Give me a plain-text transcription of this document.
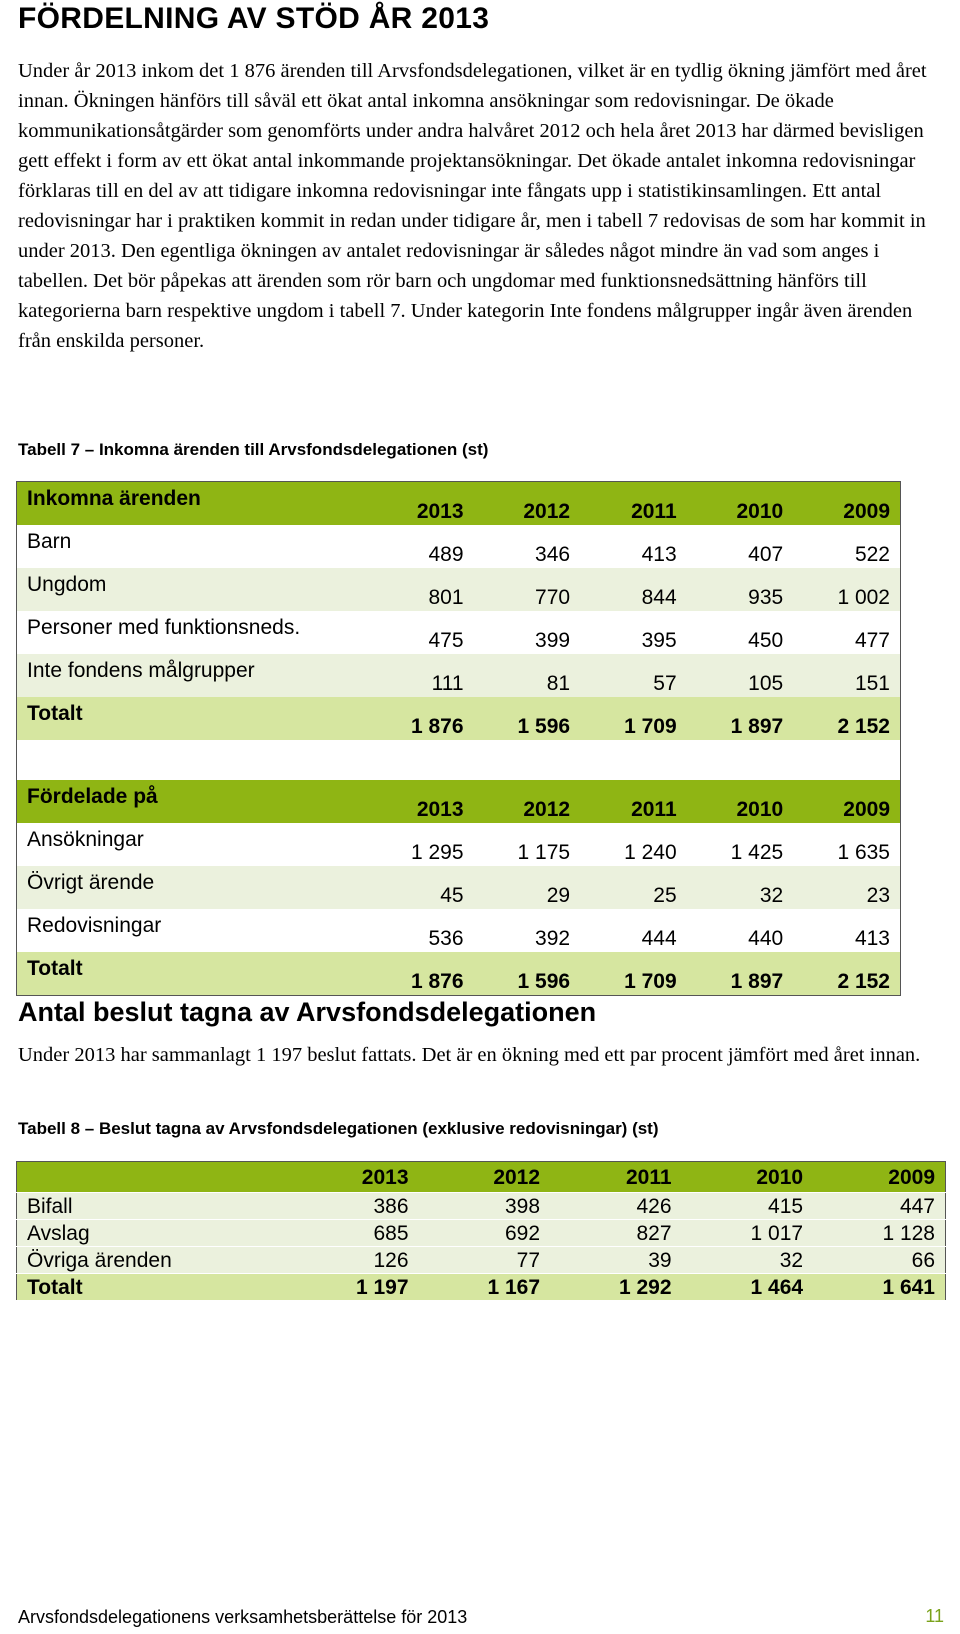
FÖRDELNING AV STÖD ÅR 2013

Under år 2013 inkom det 1 876 ärenden till Arvsfondsdelegationen, vilket är en tydlig ökning jämfört med året innan. Ökningen hänförs till såväl ett ökat antal inkomna ansökningar som redovisningar. De ökade kommunikationsåtgärder som genomförts under andra halvåret 2012 och hela året 2013 har därmed bevisligen gett effekt i form av ett ökat antal inkommande projektansökningar. Det ökade antalet inkomna redovisningar förklaras till en del av att tidigare inkomna redovisningar inte fångats upp i statistikinsamlingen. Ett antal redovisningar har i praktiken kommit in redan under tidigare år, men i tabell 7 redovisas de som har kommit in under 2013. Den egentliga ökningen av antalet redovisningar är således något mindre än vad som anges i tabellen. Det bör påpekas att ärenden som rör barn och ungdomar med funktionsnedsättning hänförs till kategorierna barn respektive ungdom i tabell 7. Under kategorin Inte fondens målgrupper ingår även ärenden från enskilda personer.

Tabell 7 – Inkomna ärenden till Arvsfondsdelegationen (st)

Inkomna ärenden	2013	2012	2011	2010	2009
Barn	489	346	413	407	522
Ungdom	801	770	844	935	1 002
Personer med funktionsneds.	475	399	395	450	477
Inte fondens målgrupper	111	81	57	105	151
Totalt	1 876	1 596	1 709	1 897	2 152

Fördelade på	2013	2012	2011	2010	2009
Ansökningar	1 295	1 175	1 240	1 425	1 635
Övrigt ärende	45	29	25	32	23
Redovisningar	536	392	444	440	413
Totalt	1 876	1 596	1 709	1 897	2 152
Antal beslut tagna av Arvsfondsdelegationen

Under 2013 har sammanlagt 1 197 beslut fattats. Det är en ökning med ett par procent jämfört med året innan.

Tabell 8 – Beslut tagna av Arvsfondsdelegationen (exklusive redovisningar) (st)

	2013	2012	2011	2010	2009
Bifall	386	398	426	415	447
Avslag	685	692	827	1 017	1 128
Övriga ärenden	126	77	39	32	66
Totalt	1 197	1 167	1 292	1 464	1 641

Arvsfondsdelegationens verksamhetsberättelse för 2013	11
